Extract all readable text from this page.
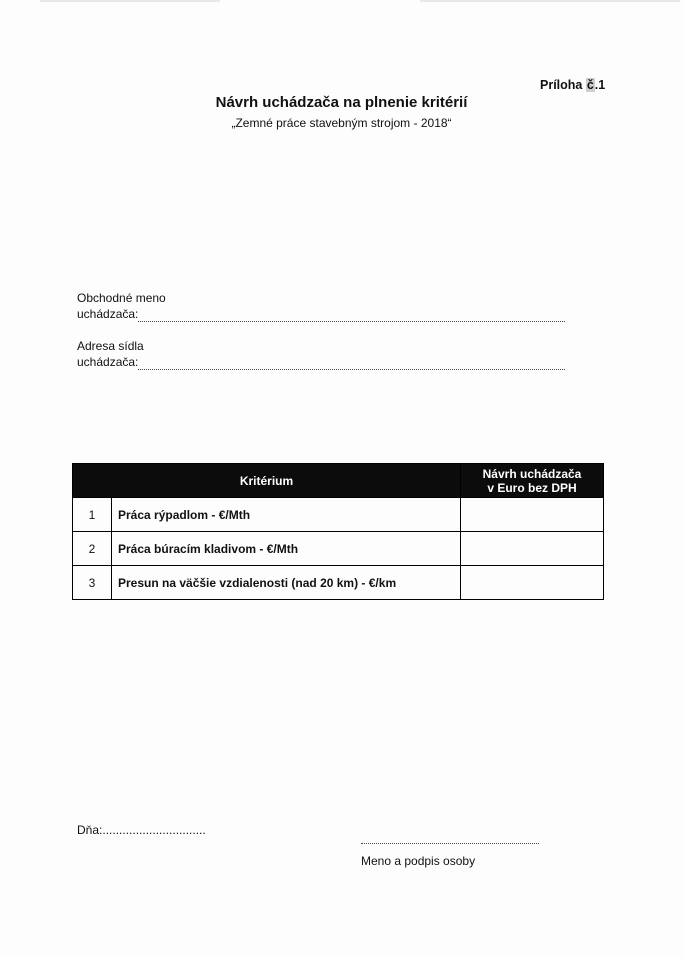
Príloha č.1
Návrh uchádzača na plnenie kritérií
„Zemné práce stavebným strojom - 2018“
Obchodné meno
uchádzača:
Adresa sídla
uchádzača:
Kritérium		Návrh uchádzača
v Euro bez DPH

1	Práca rýpadlom - €/Mth	
2	Práca búracím kladivom - €/Mth	
3	Presun na väčšie vzdialenosti (nad 20 km) - €/km	
Dňa:...............................
Meno a podpis osoby
